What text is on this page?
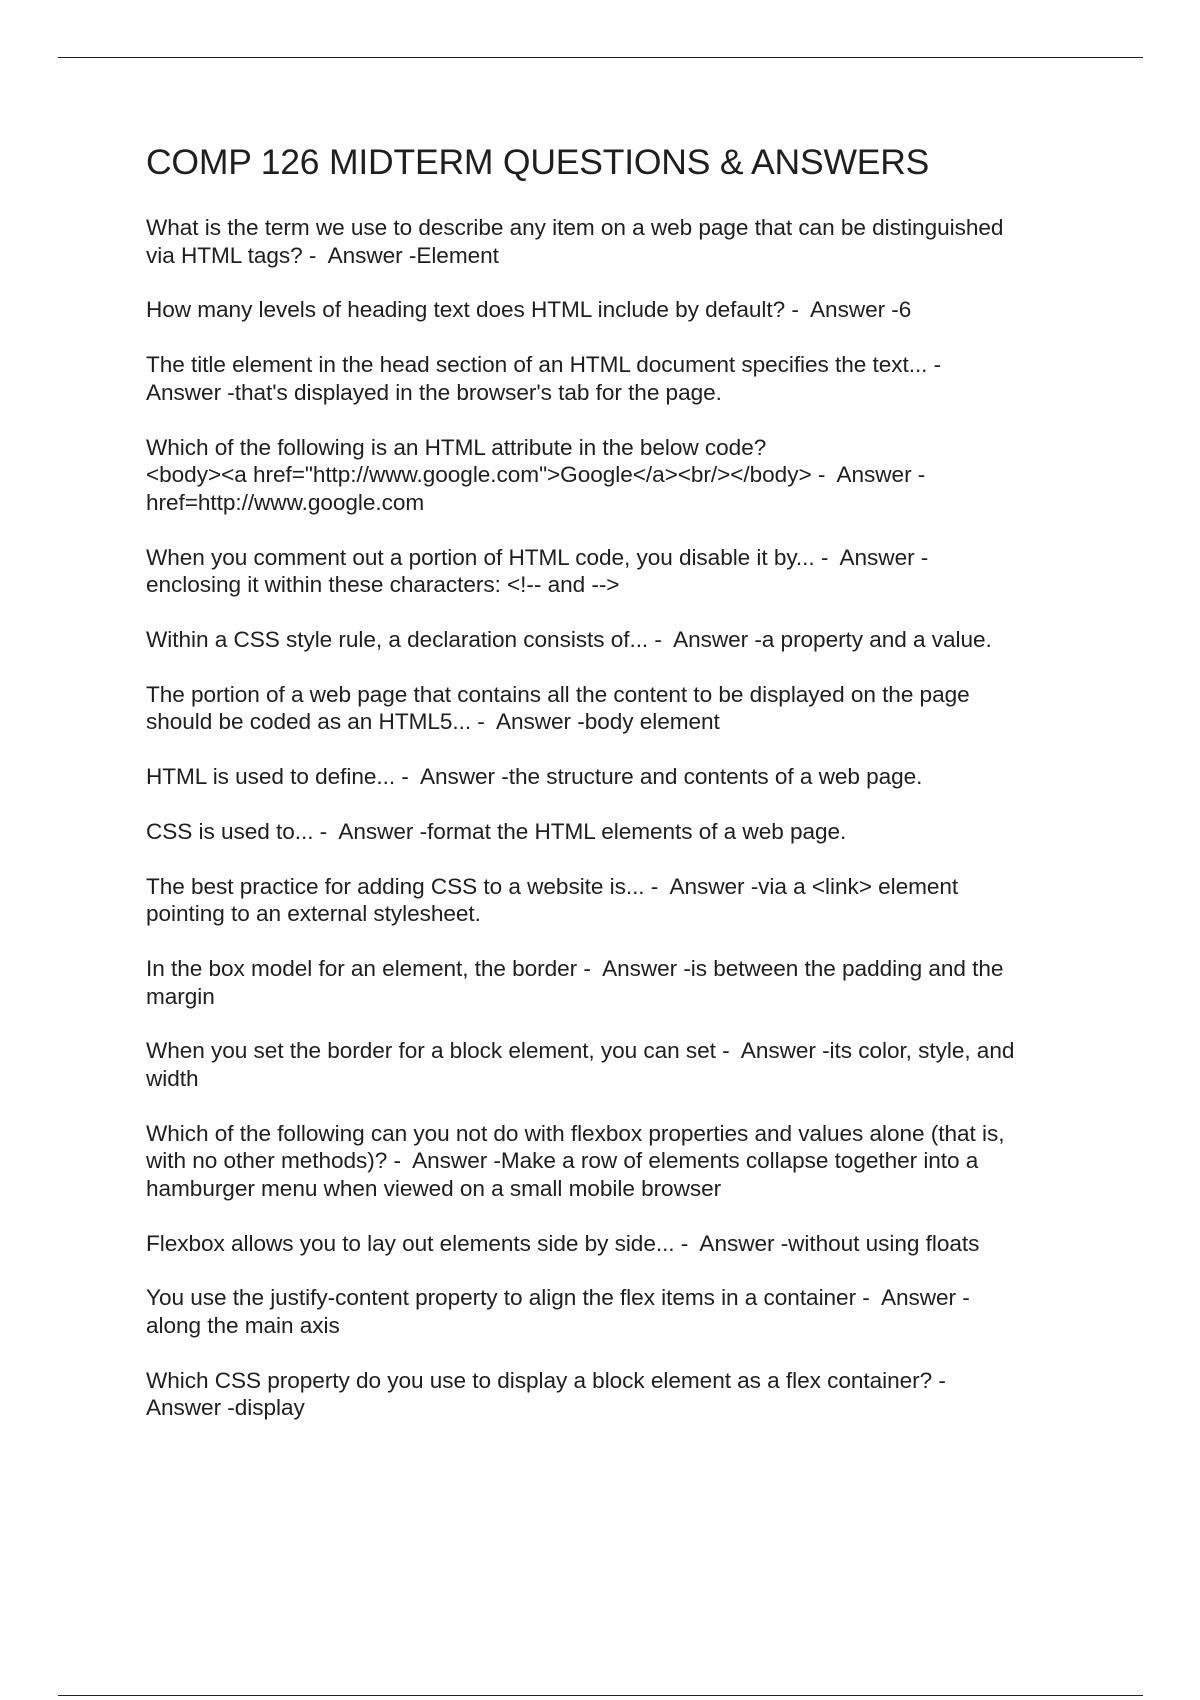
COMP 126 MIDTERM QUESTIONS & ANSWERS

What is the term we use to describe any item on a web page that can be distinguished
via HTML tags? -  Answer -Element

How many levels of heading text does HTML include by default? -  Answer -6

The title element in the head section of an HTML document specifies the text... -
Answer -that's displayed in the browser's tab for the page.

Which of the following is an HTML attribute in the below code?
<body><a href="http://www.google.com">Google</a><br/></body> -  Answer -
href=http://www.google.com

When you comment out a portion of HTML code, you disable it by... -  Answer -
enclosing it within these characters: <!-- and -->

Within a CSS style rule, a declaration consists of... -  Answer -a property and a value.

The portion of a web page that contains all the content to be displayed on the page
should be coded as an HTML5... -  Answer -body element

HTML is used to define... -  Answer -the structure and contents of a web page.

CSS is used to... -  Answer -format the HTML elements of a web page.

The best practice for adding CSS to a website is... -  Answer -via a <link> element
pointing to an external stylesheet.

In the box model for an element, the border -  Answer -is between the padding and the
margin

When you set the border for a block element, you can set -  Answer -its color, style, and
width

Which of the following can you not do with flexbox properties and values alone (that is,
with no other methods)? -  Answer -Make a row of elements collapse together into a
hamburger menu when viewed on a small mobile browser

Flexbox allows you to lay out elements side by side... -  Answer -without using floats

You use the justify-content property to align the flex items in a container -  Answer -
along the main axis

Which CSS property do you use to display a block element as a flex container? -
Answer -display
